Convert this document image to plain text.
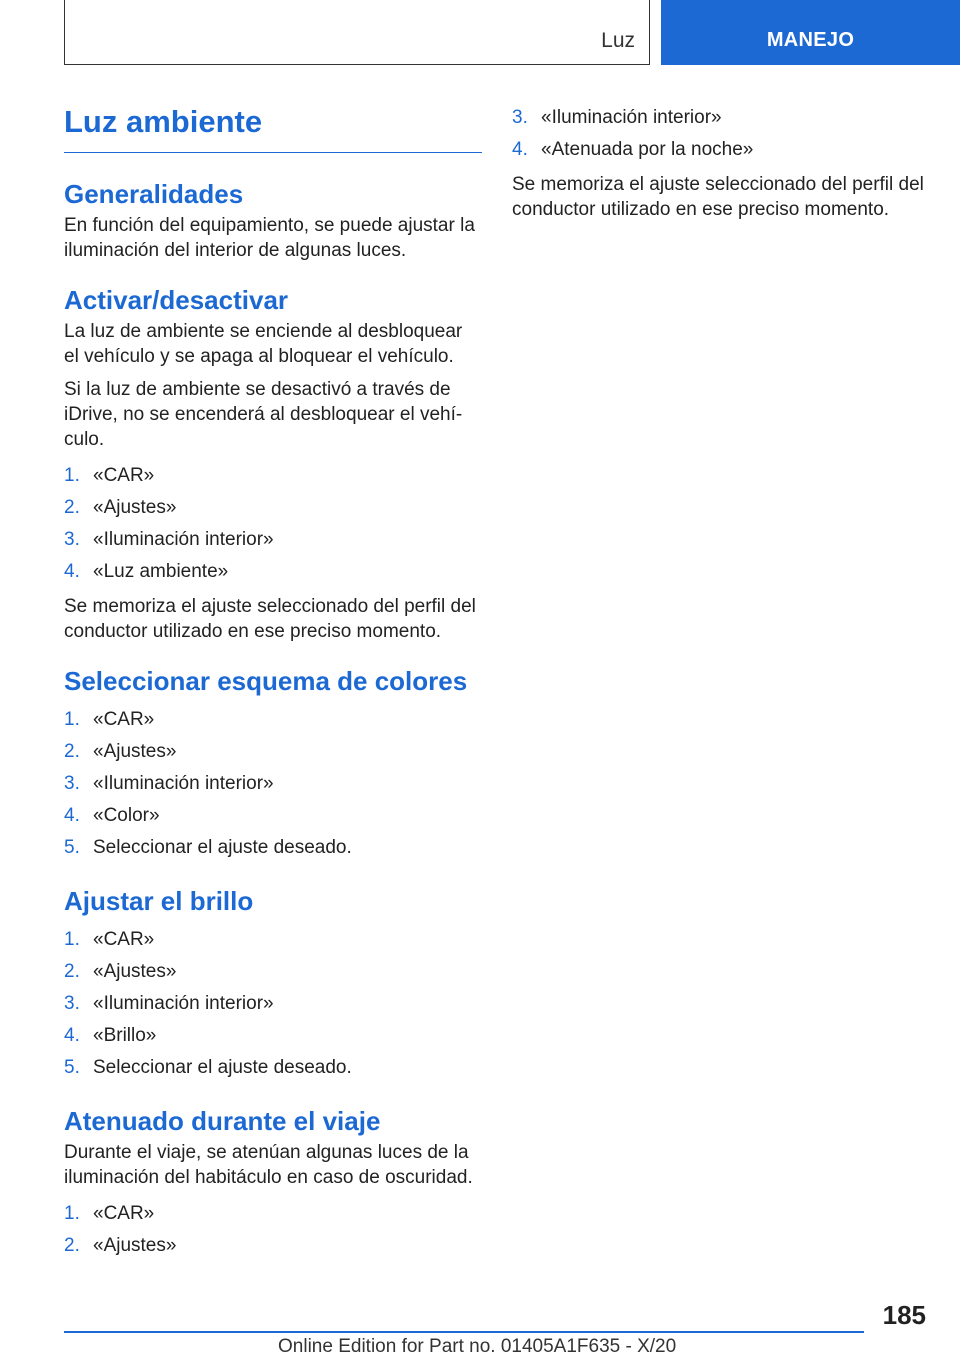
Luz	MANEJO
Luz ambiente
Generalidades

En función del equipamiento, se puede ajustar la iluminación del interior de algunas luces.

Activar/desactivar

La luz de ambiente se enciende al desbloquear el vehículo y se apaga al bloquear el vehículo.

Si la luz de ambiente se desactivó a través de iDrive, no se encenderá al desbloquear el vehí‑ culo.

1. «CAR»
2. «Ajustes»
3. «Iluminación interior»
4. «Luz ambiente»

Se memoriza el ajuste seleccionado del perfil del conductor utilizado en ese preciso momento.

Seleccionar esquema de colores
1. «CAR»
2. «Ajustes»
3. «Iluminación interior»
4. «Color»
5. Seleccionar el ajuste deseado.
Ajustar el brillo
1. «CAR»
2. «Ajustes»
3. «Iluminación interior»
4. «Brillo»
5. Seleccionar el ajuste deseado.
Atenuado durante el viaje

Durante el viaje, se atenúan algunas luces de la iluminación del habitáculo en caso de oscuridad.

1. «CAR»
2. «Ajustes»
3. «Iluminación interior»
4. «Atenuada por la noche»

Se memoriza el ajuste seleccionado del perfil del conductor utilizado en ese preciso momento.

185
Online Edition for Part no. 01405A1F635 - X/20
